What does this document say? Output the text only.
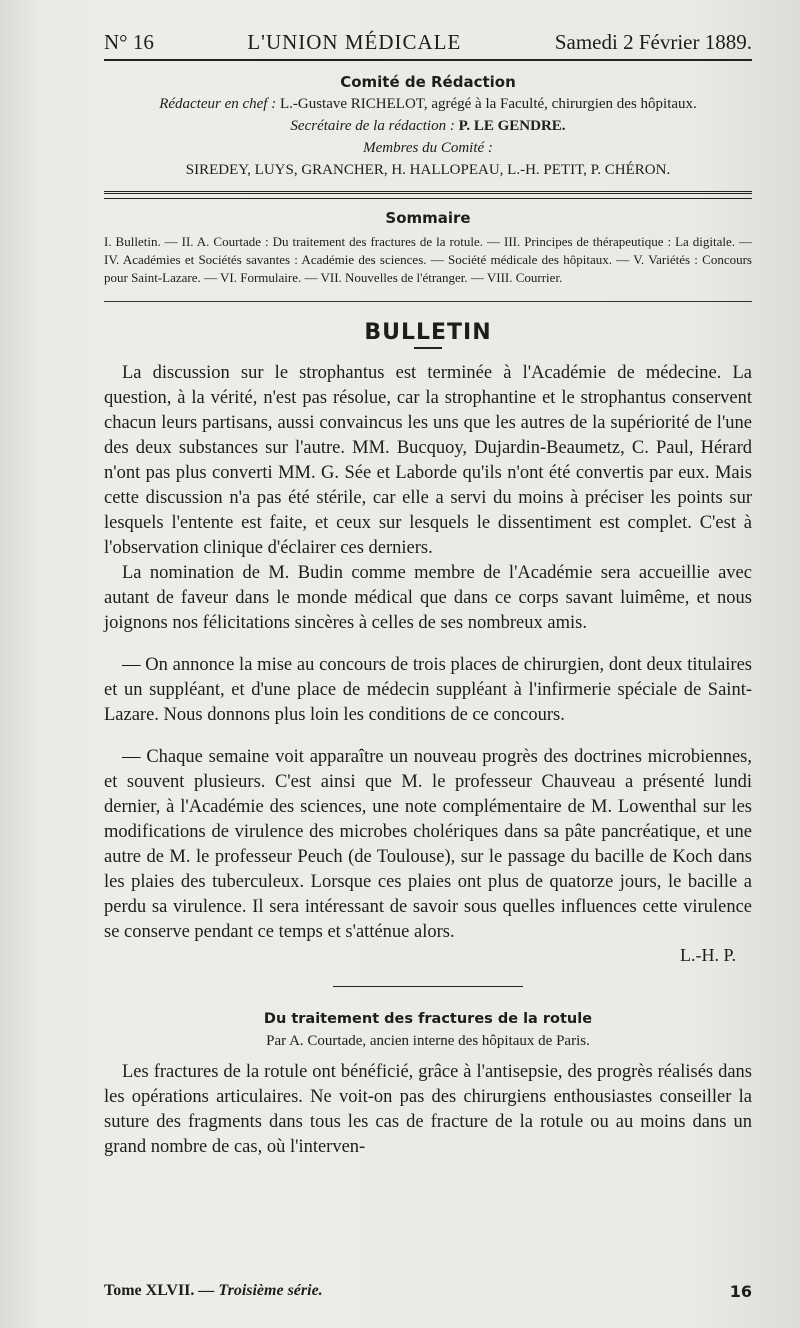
N° 16	L'UNION MÉDICALE	Samedi 2 Février 1889.
Comité de Rédaction
Rédacteur en chef : L.-Gustave RICHELOT, agrégé à la Faculté, chirurgien des hôpitaux.
Secrétaire de la rédaction : P. LE GENDRE.
Membres du Comité :
SIREDEY, LUYS, GRANCHER, H. HALLOPEAU, L.-H. PETIT, P. CHÉRON.
Sommaire
I. Bulletin. — II. A. Courtade : Du traitement des fractures de la rotule. — III. Principes de thérapeutique : La digitale. — IV. Académies et Sociétés savantes : Académie des sciences. — Société médicale des hôpitaux. — V. Variétés : Concours pour Saint-Lazare. — VI. Formulaire. — VII. Nouvelles de l'étranger. — VIII. Courrier.
BULLETIN

La discussion sur le strophantus est terminée à l'Académie de médecine. La question, à la vérité, n'est pas résolue, car la strophantine et le strophantus conservent chacun leurs partisans, aussi convaincus les uns que les autres de la supériorité de l'une des deux substances sur l'autre. MM. Bucquoy, Dujardin-Beaumetz, C. Paul, Hérard n'ont pas plus converti MM. G. Sée et Laborde qu'ils n'ont été convertis par eux. Mais cette discussion n'a pas été stérile, car elle a servi du moins à préciser les points sur lesquels l'entente est faite, et ceux sur lesquels le dissentiment est complet. C'est à l'observation clinique d'éclairer ces derniers.

La nomination de M. Budin comme membre de l'Académie sera accueillie avec autant de faveur dans le monde médical que dans ce corps savant luimême, et nous joignons nos félicitations sincères à celles de ses nombreux amis.

— On annonce la mise au concours de trois places de chirurgien, dont deux titulaires et un suppléant, et d'une place de médecin suppléant à l'infirmerie spéciale de Saint-Lazare. Nous donnons plus loin les conditions de ce concours.

— Chaque semaine voit apparaître un nouveau progrès des doctrines microbiennes, et souvent plusieurs. C'est ainsi que M. le professeur Chauveau a présenté lundi dernier, à l'Académie des sciences, une note complémentaire de M. Lowenthal sur les modifications de virulence des microbes cholériques dans sa pâte pancréatique, et une autre de M. le professeur Peuch (de Toulouse), sur le passage du bacille de Koch dans les plaies des tuberculeux. Lorsque ces plaies ont plus de quatorze jours, le bacille a perdu sa virulence. Il sera intéressant de savoir sous quelles influences cette virulence se conserve pendant ce temps et s'atténue alors.

L.-H. P.
Du traitement des fractures de la rotule
Par A. Courtade, ancien interne des hôpitaux de Paris.

Les fractures de la rotule ont bénéficié, grâce à l'antisepsie, des progrès réalisés dans les opérations articulaires. Ne voit-on pas des chirurgiens enthousiastes conseiller la suture des fragments dans tous les cas de fracture de la rotule ou au moins dans un grand nombre de cas, où l'interven-

Tome XLVII. — Troisième série.	16
